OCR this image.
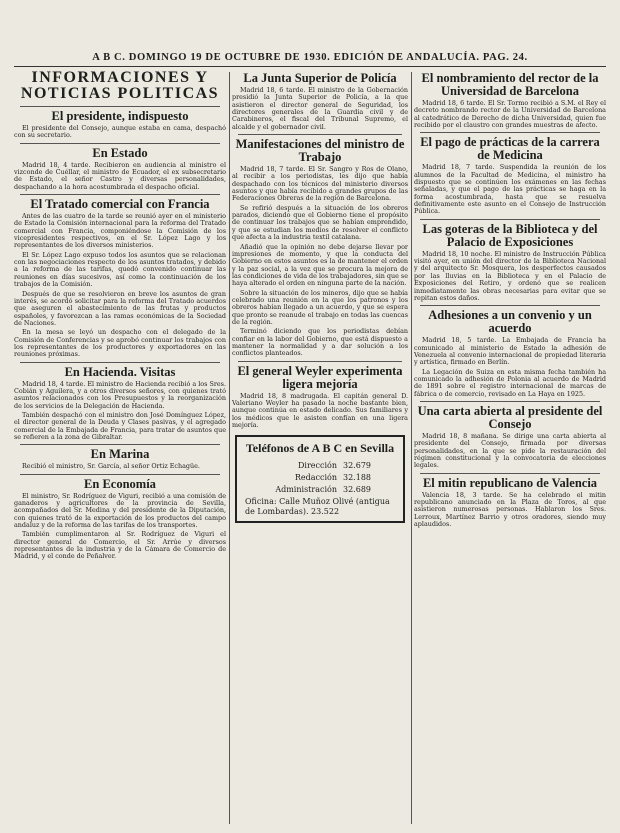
A B C. DOMINGO 19 DE OCTUBRE DE 1930. EDICIÓN DE ANDALUCÍA. PAG. 24.
INFORMACIONES Y NOTICIAS POLITICAS
El presidente, indispuesto

El presidente del Consejo, aunque estaba en cama, despachó con su secretario.

En Estado

Madrid 18, 4 tarde. Recibieron en audiencia al ministro el vizconde de Cuéllar, el ministro de Ecuador, el ex subsecretario de Estado, el señor Castro y diversas personalidades, despachando a la hora acostumbrada el despacho oficial.

El Tratado comercial con Francia

Antes de las cuatro de la tarde se reunió ayer en el ministerio de Estado la Comisión internacional para la reforma del Tratado comercial con Francia, componiéndose la Comisión de los vicepresidentes respectivos, en el Sr. López Lago y los representantes de los diversos ministerios.

El Sr. López Lago expuso todos los asuntos que se relacionan con las negociaciones respecto de los asuntos tratados, y debido a la reforma de las tarifas, quedó convenido continuar las reuniones en días sucesivos, así como la continuación de los trabajos de la Comisión.

Después de que se resolvieron en breve los asuntos de gran interés, se acordó solicitar para la reforma del Tratado acuerdos que aseguren el abastecimiento de las frutas y productos españoles, y favorezcan a las ramas económicas de la Sociedad de Naciones.

En la mesa se leyó un despacho con el delegado de la Comisión de Conferencias y se aprobó continuar los trabajos con los representantes de los productores y exportadores en las reuniones próximas.

En Hacienda. Visitas

Madrid 18, 4 tarde. El ministro de Hacienda recibió a los Sres. Cobián y Aguilera, y a otros diversos señores, con quienes trató asuntos relacionados con los Presupuestos y la reorganización de los servicios de la Delegación de Hacienda.

También despachó con el ministro don José Domínguez López, el director general de la Deuda y Clases pasivas, y el agregado comercial de la Embajada de Francia, para tratar de asuntos que se refieren a la zona de Gibraltar.

En Marina

Recibió el ministro, Sr. García, al señor Ortiz Echagüe.

En Economía

El ministro, Sr. Rodríguez de Viguri, recibió a una comisión de ganaderos y agricultores de la provincia de Sevilla, acompañados del Sr. Medina y del presidente de la Diputación, con quienes trató de la exportación de los productos del campo andaluz y de la reforma de las tarifas de los transportes.

También cumplimentaron al Sr. Rodríguez de Viguri el director general de Comercio, el Sr. Arrúe y diversos representantes de la industria y de la Cámara de Comercio de Madrid, y el conde de Peñalver.

La Junta Superior de Policía

Madrid 18, 6 tarde. El ministro de la Gobernación presidió la Junta Superior de Policía, a la que asistieron el director general de Seguridad, los directores generales de la Guardia civil y de Carabineros, el fiscal del Tribunal Supremo, el alcalde y el gobernador civil.

Manifestaciones del ministro de Trabajo

Madrid 18, 7 tarde. El Sr. Sangro y Ros de Olano, al recibir a los periodistas, les dijo que había despachado con los técnicos del ministerio diversos asuntos y que había recibido a grandes grupos de las Federaciones Obreras de la región de Barcelona.

Se refirió después a la situación de los obreros parados, diciendo que el Gobierno tiene el propósito de continuar los trabajos que se habían emprendido, y que se estudian los medios de resolver el conflicto que afecta a la industria textil catalana.

Añadió que la opinión no debe dejarse llevar por impresiones de momento, y que la conducta del Gobierno en estos asuntos es la de mantener el orden y la paz social, a la vez que se procura la mejora de las condiciones de vida de los trabajadores, sin que se haya alterado el orden en ninguna parte de la nación.

Sobre la situación de los mineros, dijo que se había celebrado una reunión en la que los patronos y los obreros habían llegado a un acuerdo, y que se espera que pronto se reanude el trabajo en todas las cuencas de la región.

Terminó diciendo que los periodistas debían confiar en la labor del Gobierno, que está dispuesto a mantener la normalidad y a dar solución a los conflictos planteados.

El general Weyler experimenta ligera mejoría

Madrid 18, 8 madrugada. El capitán general D. Valeriano Weyler ha pasado la noche bastante bien, aunque continúa en estado delicado. Sus familiares y los médicos que le asisten confían en una ligera mejoría.

Teléfonos de A B C en Sevilla
Dirección 32.679
Redacción 32.188
Administración 32.689
Oficina: Calle Muñoz Olivé (antigua de Lombardas). 23.522
El nombramiento del rector de la Universidad de Barcelona

Madrid 18, 6 tarde. El Sr. Tormo recibió a S.M. el Rey el decreto nombrando rector de la Universidad de Barcelona al catedrático de Derecho de dicha Universidad, quien fue recibido por el claustro con grandes muestras de afecto.

El pago de prácticas de la carrera de Medicina

Madrid 18, 7 tarde. Suspendida la reunión de los alumnos de la Facultad de Medicina, el ministro ha dispuesto que se continúen los exámenes en las fechas señaladas, y que el pago de las prácticas se haga en la forma acostumbrada, hasta que se resuelva definitivamente este asunto en el Consejo de Instrucción Pública.

Las goteras de la Biblioteca y del Palacio de Exposiciones

Madrid 18, 10 noche. El ministro de Instrucción Pública visitó ayer, en unión del director de la Biblioteca Nacional y del arquitecto Sr. Mosquera, los desperfectos causados por las lluvias en la Biblioteca y en el Palacio de Exposiciones del Retiro, y ordenó que se realicen inmediatamente las obras necesarias para evitar que se repitan estos daños.

Adhesiones a un convenio y un acuerdo

Madrid 18, 5 tarde. La Embajada de Francia ha comunicado al ministerio de Estado la adhesión de Venezuela al convenio internacional de propiedad literaria y artística, firmado en Berlín.

La Legación de Suiza en esta misma fecha también ha comunicado la adhesión de Polonia al acuerdo de Madrid de 1891 sobre el registro internacional de marcas de fábrica o de comercio, revisado en La Haya en 1925.

Una carta abierta al presidente del Consejo

Madrid 18, 8 mañana. Se dirige una carta abierta al presidente del Consejo, firmada por diversas personalidades, en la que se pide la restauración del régimen constitucional y la convocatoria de elecciones legales.

El mitin republicano de Valencia

Valencia 18, 3 tarde. Se ha celebrado el mitin republicano anunciado en la Plaza de Toros, al que asistieron numerosas personas. Hablaron los Sres. Lerroux, Martínez Barrio y otros oradores, siendo muy aplaudidos.
